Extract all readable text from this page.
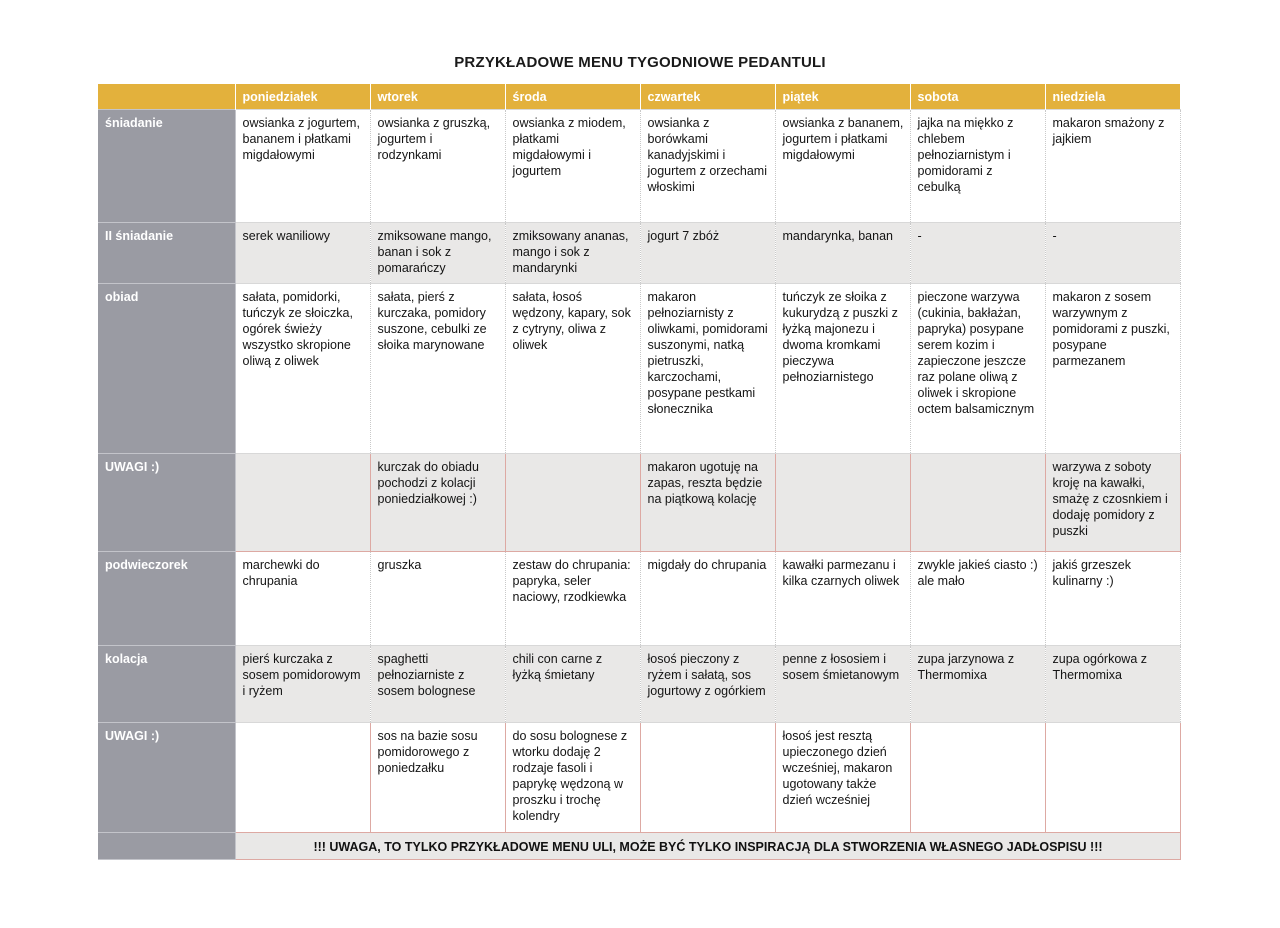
PRZYKŁADOWE MENU TYGODNIOWE PEDANTULI
	poniedziałek	wtorek	środa	czwartek	piątek	sobota	niedziela
śniadanie	owsianka z jogurtem, bananem i płatkami migdałowymi	owsianka z gruszką, jogurtem i rodzynkami	owsianka z miodem, płatkami migdałowymi i jogurtem	owsianka z borówkami kanadyjskimi i jogurtem z orzechami włoskimi	owsianka z bananem, jogurtem i płatkami migdałowymi	jajka na miękko z chlebem pełnoziarnistym i pomidorami z cebulką	makaron smażony z jajkiem
II śniadanie	serek waniliowy	zmiksowane mango, banan i sok z pomarańczy	zmiksowany ananas, mango i sok z mandarynki	jogurt 7 zbóż	mandarynka, banan	-	-
obiad	sałata, pomidorki, tuńczyk ze słoiczka, ogórek świeży wszystko skropione oliwą z oliwek	sałata, pierś z kurczaka, pomidory suszone, cebulki ze słoika marynowane	sałata, łosoś wędzony, kapary, sok z cytryny, oliwa z oliwek	makaron pełnoziarnisty z oliwkami, pomidorami suszonymi, natką pietruszki, karczochami, posypane pestkami słonecznika	tuńczyk ze słoika z kukurydzą z puszki z łyżką majonezu i dwoma kromkami pieczywa pełnoziarnistego	pieczone warzywa (cukinia, bakłażan, papryka) posypane serem kozim i zapieczone jeszcze raz polane oliwą z oliwek i skropione octem balsamicznym	makaron z sosem warzywnym z pomidorami z puszki, posypane parmezanem
UWAGI :)		kurczak do obiadu pochodzi z kolacji poniedziałkowej :)		makaron ugotuję na zapas, reszta będzie na piątkową kolację			warzywa z soboty kroję na kawałki, smażę z czosnkiem i dodaję pomidory z puszki
podwieczorek	marchewki do chrupania	gruszka	zestaw do chrupania: papryka, seler naciowy, rzodkiewka	migdały do chrupania	kawałki parmezanu i kilka czarnych oliwek	zwykle jakieś ciasto :) ale mało	jakiś grzeszek kulinarny :)
kolacja	pierś kurczaka z sosem pomidorowym i ryżem	spaghetti pełnoziarniste z sosem bolognese	chili con carne z łyżką śmietany	łosoś pieczony z ryżem i sałatą, sos jogurtowy z ogórkiem	penne z łososiem i sosem śmietanowym	zupa jarzynowa z Thermomixa	zupa ogórkowa z Thermomixa
UWAGI :)		sos na bazie sosu pomidorowego z poniedzałku	do sosu bolognese z wtorku dodaję 2 rodzaje fasoli i paprykę wędzoną w proszku i trochę kolendry		łosoś jest resztą upieczonego dzień wcześniej, makaron ugotowany także dzień wcześniej		
	!!! UWAGA, TO TYLKO PRZYKŁADOWE MENU ULI, MOŻE BYĆ TYLKO INSPIRACJĄ DLA STWORZENIA WŁASNEGO JADŁOSPISU !!!						
